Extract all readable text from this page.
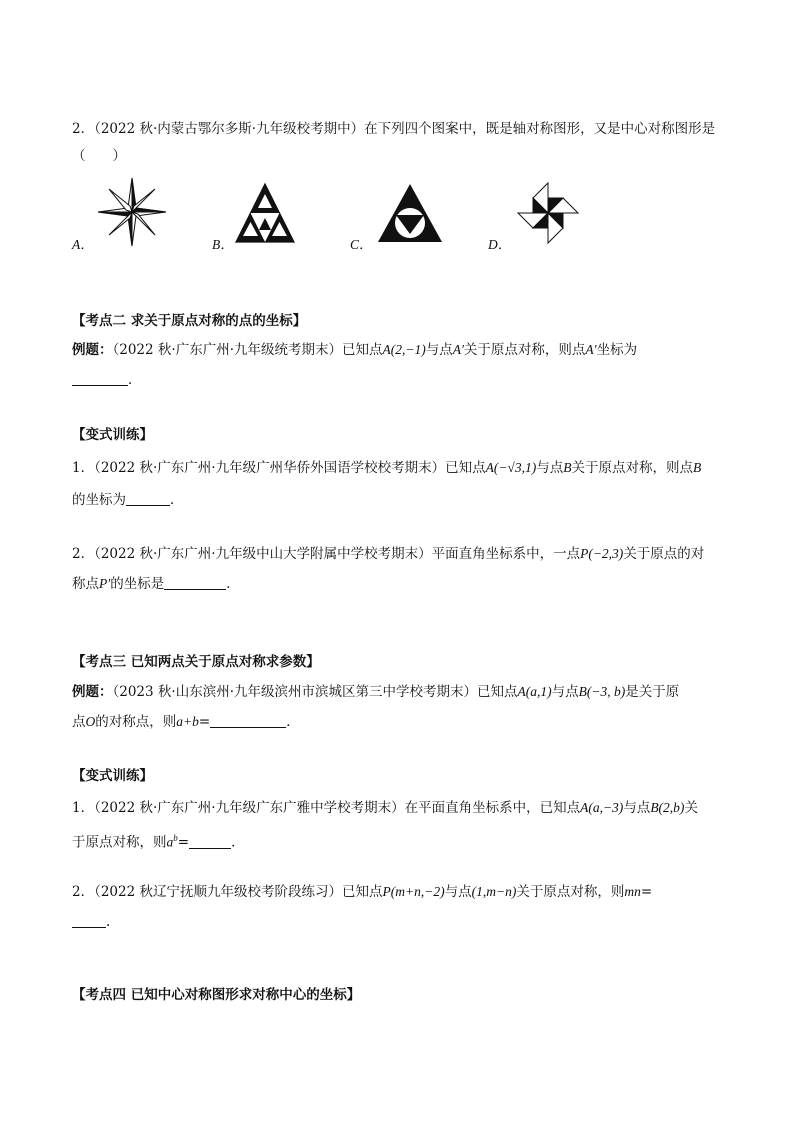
2．（2022 秋·内蒙古鄂尔多斯·九年级校考期中）在下列四个图案中，既是轴对称图形，又是中心对称图形是
（　　）
A．	B．	C．	D．
【考点二 求关于原点对称的点的坐标】
例题：（2022 秋·广东广州·九年级统考期末）已知点A(2,−1)与点A′关于原点对称，则点A′坐标为
．
【变式训练】
1．（2022 秋·广东广州·九年级广州华侨外国语学校校考期末）已知点A(−√3,1)与点B关于原点对称，则点B
的坐标为	．
2．（2022 秋·广东广州·九年级中山大学附属中学校考期末）平面直角坐标系中，一点P(−2,3)关于原点的对
称点P′的坐标是	．
【考点三 已知两点关于原点对称求参数】
例题：（2023 秋·山东滨州·九年级滨州市滨城区第三中学校考期末）已知点A(a,1)与点B(−3, b)是关于原
点O的对称点，则a+b=	．
【变式训练】
1．（2022 秋·广东广州·九年级广东广雅中学校考期末）在平面直角坐标系中，已知点A(a,−3)与点B(2,b)关
于原点对称，则$a^b=$	．
2．（2022 秋辽宁抚顺九年级校考阶段练习）已知点P(m+n,−2)与点(1,m−n)关于原点对称，则mn=
.
【考点四 已知中心对称图形求对称中心的坐标】
